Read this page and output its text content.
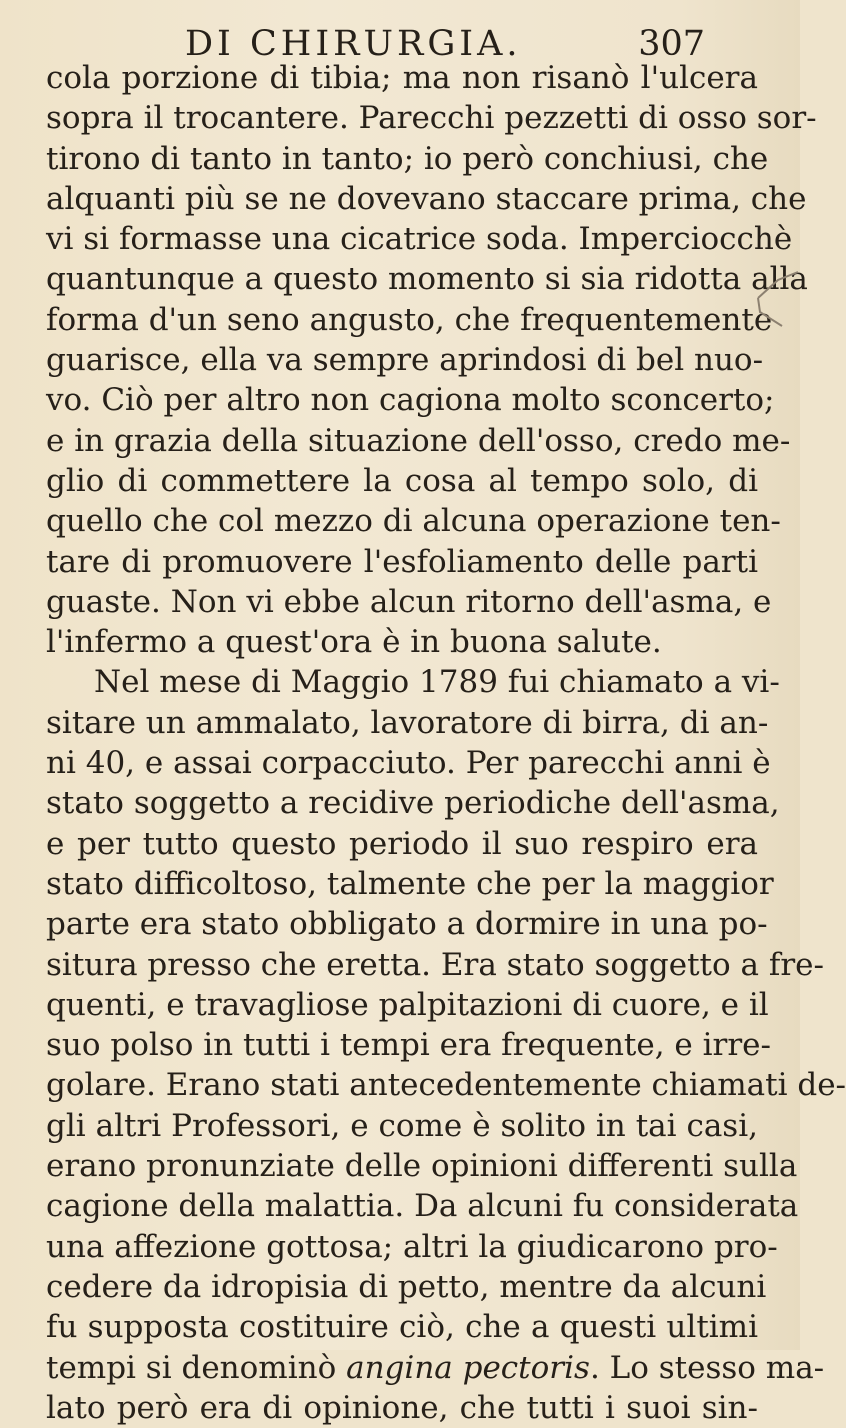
DI CHIRURGIA.	307
cola porzione di tibia; ma non risanò l'ulcera
sopra il trocantere. Parecchi pezzetti di osso sor-
tirono di tanto in tanto; io però conchiusi, che
alquanti più se ne dovevano staccare prima, che
vi si formasse una cicatrice soda. Imperciocchè
quantunque a questo momento si sia ridotta alla
forma d'un seno angusto, che frequentemente
guarisce, ella va sempre aprindosi di bel nuo-
vo. Ciò per altro non cagiona molto sconcerto;
e in grazia della situazione dell'osso, credo me-
glio di commettere la cosa al tempo solo, di
quello che col mezzo di alcuna operazione ten-
tare di promuovere l'esfoliamento delle parti
guaste. Non vi ebbe alcun ritorno dell'asma, e
l'infermo a quest'ora è in buona salute.
Nel mese di Maggio 1789 fui chiamato a vi-
sitare un ammalato, lavoratore di birra, di an-
ni 40, e assai corpacciuto. Per parecchi anni è
stato soggetto a recidive periodiche dell'asma,
e per tutto questo periodo il suo respiro era
stato difficoltoso, talmente che per la maggior
parte era stato obbligato a dormire in una po-
situra presso che eretta. Era stato soggetto a fre-
quenti, e travagliose palpitazioni di cuore, e il
suo polso in tutti i tempi era frequente, e irre-
golare. Erano stati antecedentemente chiamati de-
gli altri Professori, e come è solito in tai casi,
erano pronunziate delle opinioni differenti sulla
cagione della malattia. Da alcuni fu considerata
una affezione gottosa; altri la giudicarono pro-
cedere da idropisia di petto, mentre da alcuni
fu supposta costituire ciò, che a questi ultimi
tempi si denominò angina pectoris. Lo stesso ma-
lato però era di opinione, che tutti i suoi sin-
